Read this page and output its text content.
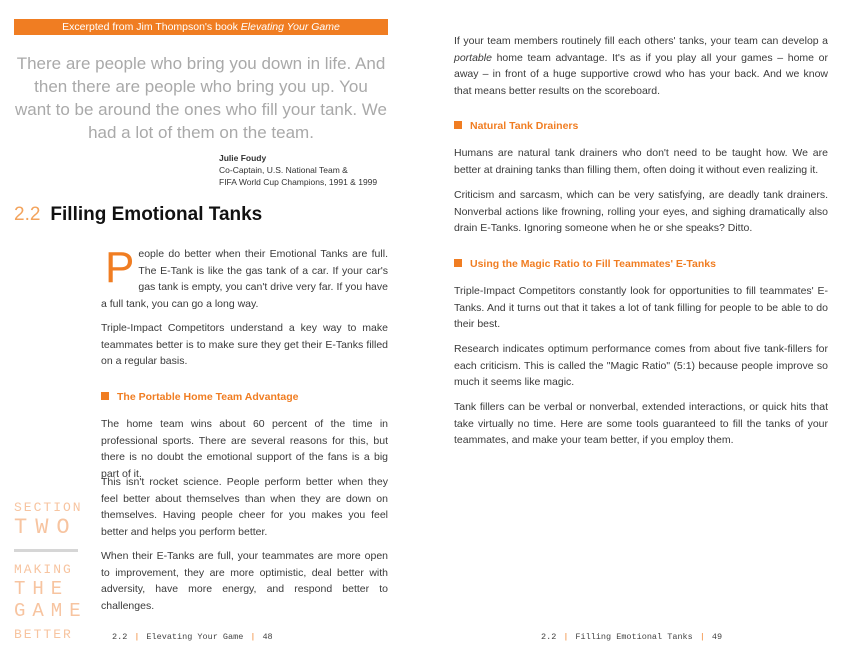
Excerpted from Jim Thompson's book Elevating Your Game
There are people who bring you down in life. And then there are people who bring you up. You want to be around the ones who fill your tank. We had a lot of them on the team.
Julie Foudy
Co-Captain, U.S. National Team &
FIFA World Cup Champions, 1991 & 1999
2.2 Filling Emotional Tanks

People do better when their Emotional Tanks are full. The E-Tank is like the gas tank of a car. If your car's gas tank is empty, you can't drive very far. If you have a full tank, you can go a long way.

Triple-Impact Competitors understand a key way to make teammates better is to make sure they get their E-Tanks filled on a regular basis.

The Portable Home Team Advantage

The home team wins about 60 percent of the time in professional sports. There are several reasons for this, but there is no doubt the emotional support of the fans is a big part of it.

This isn't rocket science. People perform better when they feel better about themselves than when they are down on themselves. Having people cheer for you makes you feel better and helps you perform better.

When their E-Tanks are full, your teammates are more open to improvement, they are more optimistic, deal better with adversity, have more energy, and respond better to challenges.

SECTION
TWO
MAKING
THE
GAME
BETTER	2.2 | Elevating Your Game | 48

If your team members routinely fill each others' tanks, your team can develop a portable home team advantage. It's as if you play all your games – home or away – in front of a huge supportive crowd who has your back. And we know that means better results on the scoreboard.

Natural Tank Drainers

Humans are natural tank drainers who don't need to be taught how. We are better at draining tanks than filling them, often doing it without even realizing it.

Criticism and sarcasm, which can be very satisfying, are deadly tank drainers. Nonverbal actions like frowning, rolling your eyes, and sighing dramatically also drain E-Tanks. Ignoring someone when he or she speaks? Ditto.

Using the Magic Ratio to Fill Teammates' E-Tanks

Triple-Impact Competitors constantly look for opportunities to fill teammates' E-Tanks. And it turns out that it takes a lot of tank filling for people to be able to do their best.

Research indicates optimum performance comes from about five tank-fillers for each criticism. This is called the "Magic Ratio" (5:1) because people improve so much it seems like magic.

Tank fillers can be verbal or nonverbal, extended interactions, or quick hits that take virtually no time. Here are some tools guaranteed to fill the tanks of your teammates, and make your team better, if you employ them.

2.2 | Filling Emotional Tanks | 49
